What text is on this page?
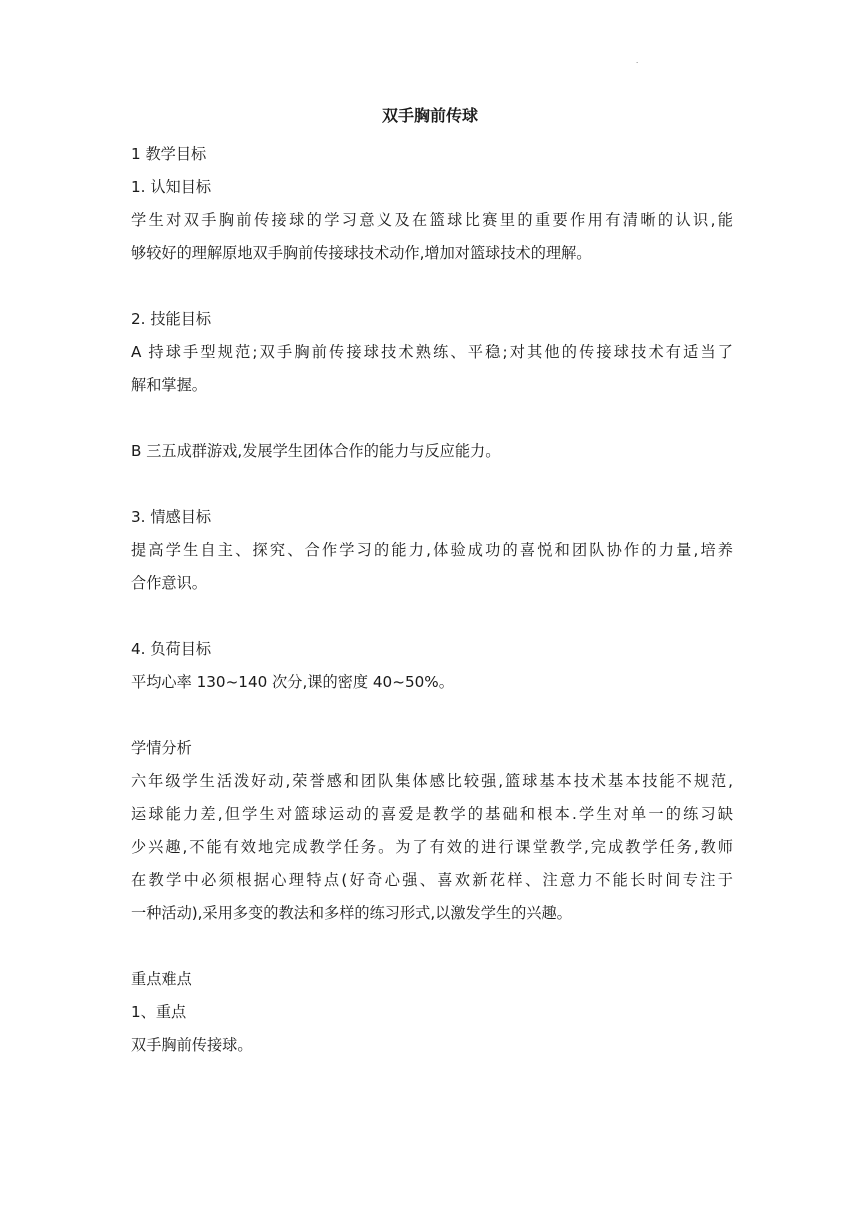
.
双手胸前传球
1 教学目标
1. 认知目标
学生对双手胸前传接球的学习意义及在篮球比赛里的重要作用有清晰的认识,能
够较好的理解原地双手胸前传接球技术动作,增加对篮球技术的理解。
2. 技能目标
A 持球手型规范;双手胸前传接球技术熟练、平稳;对其他的传接球技术有适当了
解和掌握。
B 三五成群游戏,发展学生团体合作的能力与反应能力。
3. 情感目标
提高学生自主、探究、合作学习的能力,体验成功的喜悦和团队协作的力量,培养
合作意识。
4. 负荷目标
平均心率 130~140 次分,课的密度 40~50%。
学情分析
六年级学生活泼好动,荣誉感和团队集体感比较强,篮球基本技术基本技能不规范,
运球能力差,但学生对篮球运动的喜爱是教学的基础和根本.学生对单一的练习缺
少兴趣,不能有效地完成教学任务。为了有效的进行课堂教学,完成教学任务,教师
在教学中必须根据心理特点(好奇心强、喜欢新花样、注意力不能长时间专注于
一种活动),采用多变的教法和多样的练习形式,以激发学生的兴趣。
重点难点
1、重点
双手胸前传接球。
